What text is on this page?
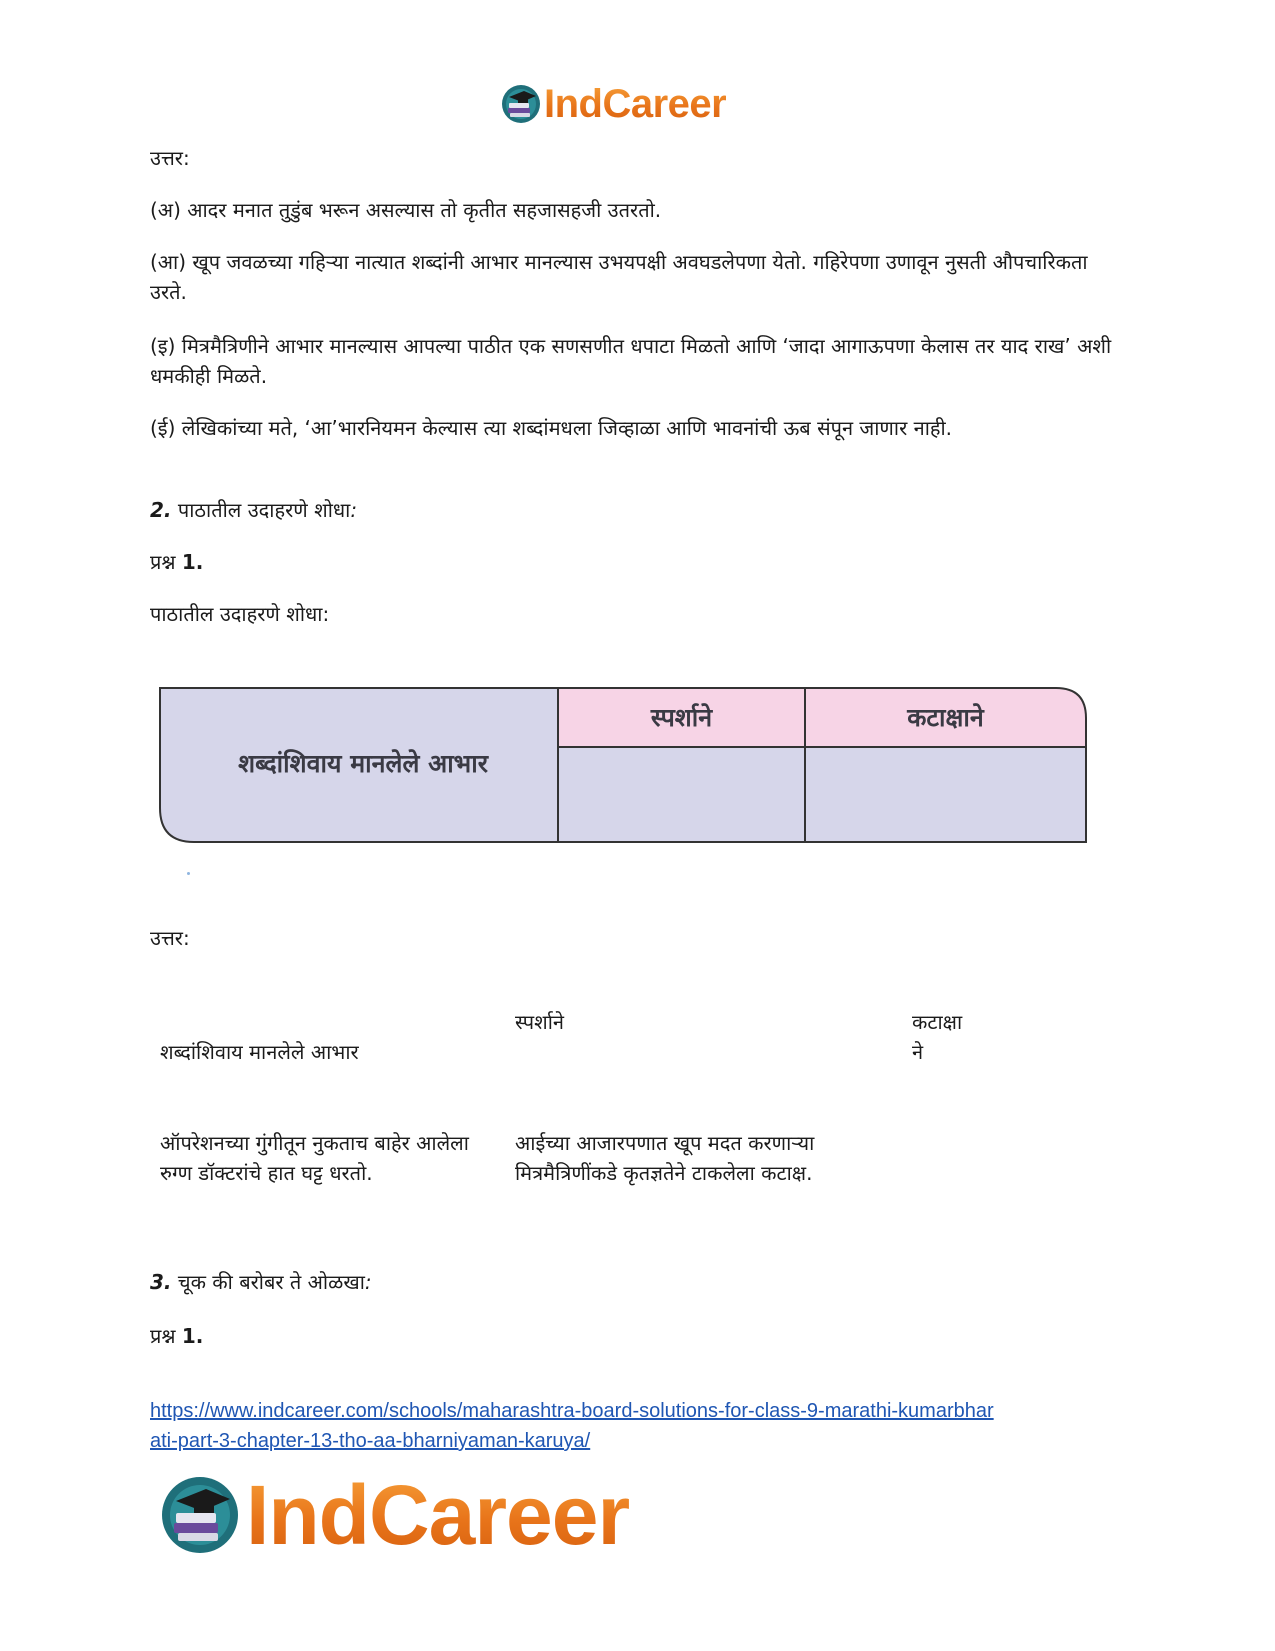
IndCareer
उत्तर:
(अ) आदर मनात तुडुंब भरून असल्यास तो कृतीत सहजासहजी उतरतो.
(आ) खूप जवळच्या गहिऱ्या नात्यात शब्दांनी आभार मानल्यास उभयपक्षी अवघडलेपणा येतो. गहिरेपणा उणावून नुसती औपचारिकता उरते.
(इ) मित्रमैत्रिणीने आभार मानल्यास आपल्या पाठीत एक सणसणीत धपाटा मिळतो आणि ‘जादा आगाऊपणा केलास तर याद राख’ अशी धमकीही मिळते.
(ई) लेखिकांच्या मते, ‘आ’भारनियमन केल्यास त्या शब्दांमधला जिव्हाळा आणि भावनांची ऊब संपून जाणार नाही.
2. पाठातील उदाहरणे शोधा:
प्रश्न 1.
पाठातील उदाहरणे शोधा:
शब्दांशिवाय मानलेले आभार
स्पर्शाने	कटाक्षाने
उत्तर:
शब्दांशिवाय मानलेले आभार
स्पर्शाने	कटाक्षा
ने
ऑपरेशनच्या गुंगीतून नुकताच बाहेर आलेला रुग्ण डॉक्टरांचे हात घट्ट धरतो.
आईच्या आजारपणात खूप मदत करणाऱ्या मित्रमैत्रिणींकडे कृतज्ञतेने टाकलेला कटाक्ष.
3. चूक की बरोबर ते ओळखा:
प्रश्न 1.
https://www.indcareer.com/schools/maharashtra-board-solutions-for-class-9-marathi-kumarbhar
ati-part-3-chapter-13-tho-aa-bharniyaman-karuya/
IndCareer
